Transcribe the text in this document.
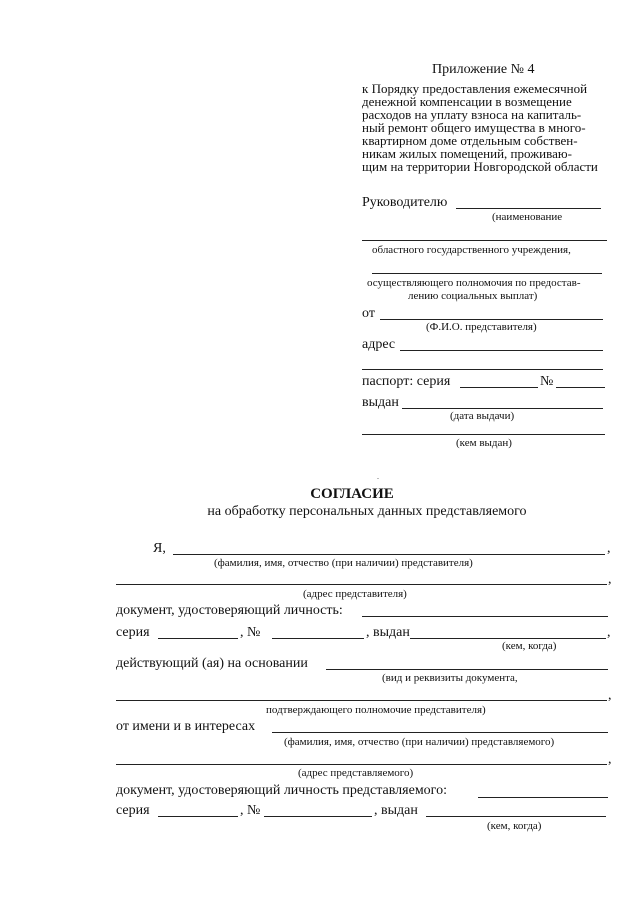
Приложение № 4
к Порядку предоставления ежемесячной
денежной компенсации в возмещение
расходов на уплату взноса на капиталь-
ный ремонт общего имущества в много-
квартирном доме отдельным собствен-
никам жилых помещений, проживаю-
щим на территории Новгородской области
Руководителю
(наименование
областного государственного учреждения,
осуществляющего полномочия по предостав-
лению социальных выплат)
от
(Ф.И.О. представителя)
адрес
паспорт: серия	№
выдан
(дата выдачи)
(кем выдан)
СОГЛАСИЕ
на обработку персональных данных представляемого
Я,	,
(фамилия, имя, отчество (при наличии) представителя)
,
(адрес представителя)
документ, удостоверяющий личность:
серия	, №	, выдан	,
(кем, когда)
действующий (ая) на основании
(вид и реквизиты документа,
,
подтверждающего полномочие представителя)
от имени и в интересах
(фамилия, имя, отчество (при наличии) представляемого)
,
(адрес представляемого)
документ, удостоверяющий личность представляемого:
серия	, №	, выдан
(кем, когда)
